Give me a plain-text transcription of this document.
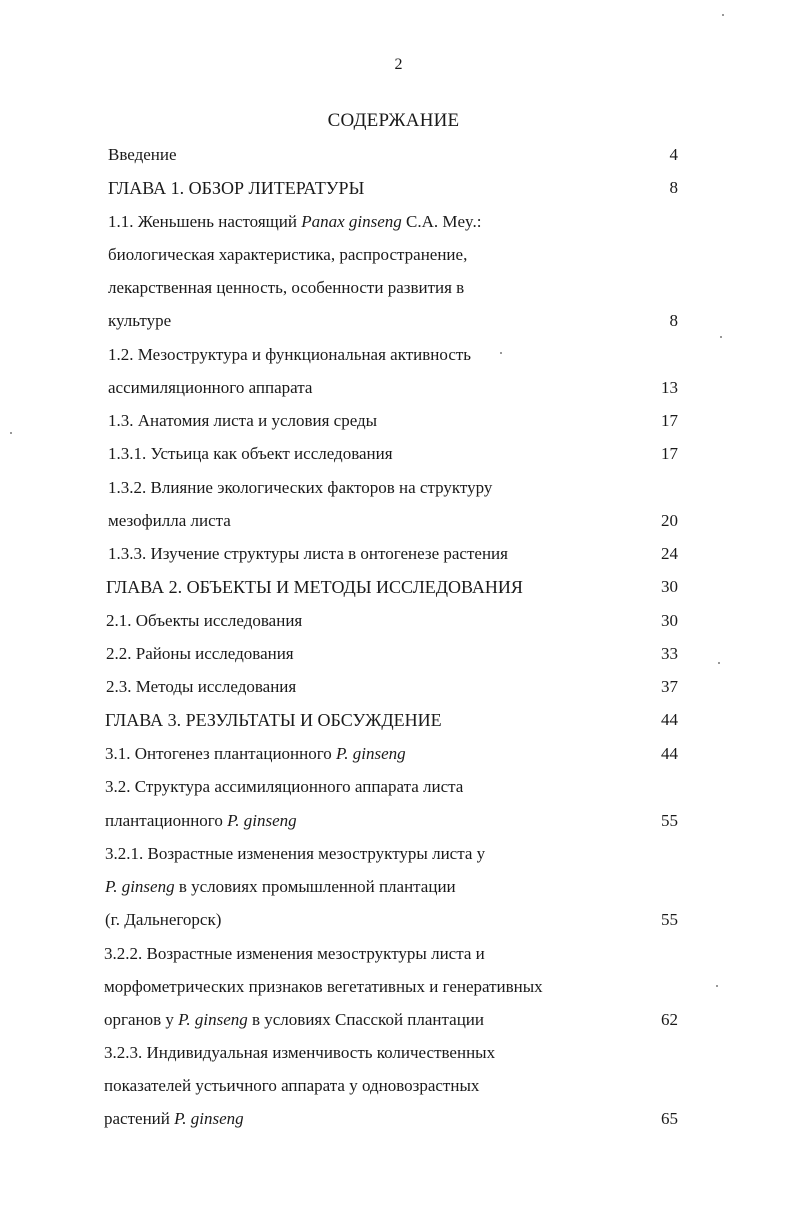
2
СОДЕРЖАНИЕ
Введение	4
ГЛАВА 1. ОБЗОР ЛИТЕРАТУРЫ	8
1.1. Женьшень настоящий Panax ginseng C.A. Mey.:
биологическая характеристика, распространение,
лекарственная ценность, особенности развития в
культуре	8
1.2. Мезоструктура и функциональная активность
ассимиляционного аппарата	13
1.3. Анатомия листа и условия среды	17
1.3.1. Устьица как объект исследования	17
1.3.2. Влияние экологических факторов на структуру
мезофилла листа	20
1.3.3. Изучение структуры листа в онтогенезе растения	24
ГЛАВА 2. ОБЪЕКТЫ И МЕТОДЫ ИССЛЕДОВАНИЯ	30
2.1. Объекты исследования	30
2.2. Районы исследования	33
2.3. Методы исследования	37
ГЛАВА 3. РЕЗУЛЬТАТЫ И ОБСУЖДЕНИЕ	44
3.1. Онтогенез плантационного P. ginseng	44
3.2. Структура ассимиляционного аппарата листа
плантационного P. ginseng	55
3.2.1. Возрастные изменения мезоструктуры листа у
P. ginseng в условиях промышленной плантации
(г. Дальнегорск)	55
3.2.2. Возрастные изменения мезоструктуры листа и
морфометрических признаков вегетативных и генеративных
органов у P. ginseng в условиях Спасской плантации	62
3.2.3. Индивидуальная изменчивость количественных
показателей устьичного аппарата у одновозрастных
растений P. ginseng	65
